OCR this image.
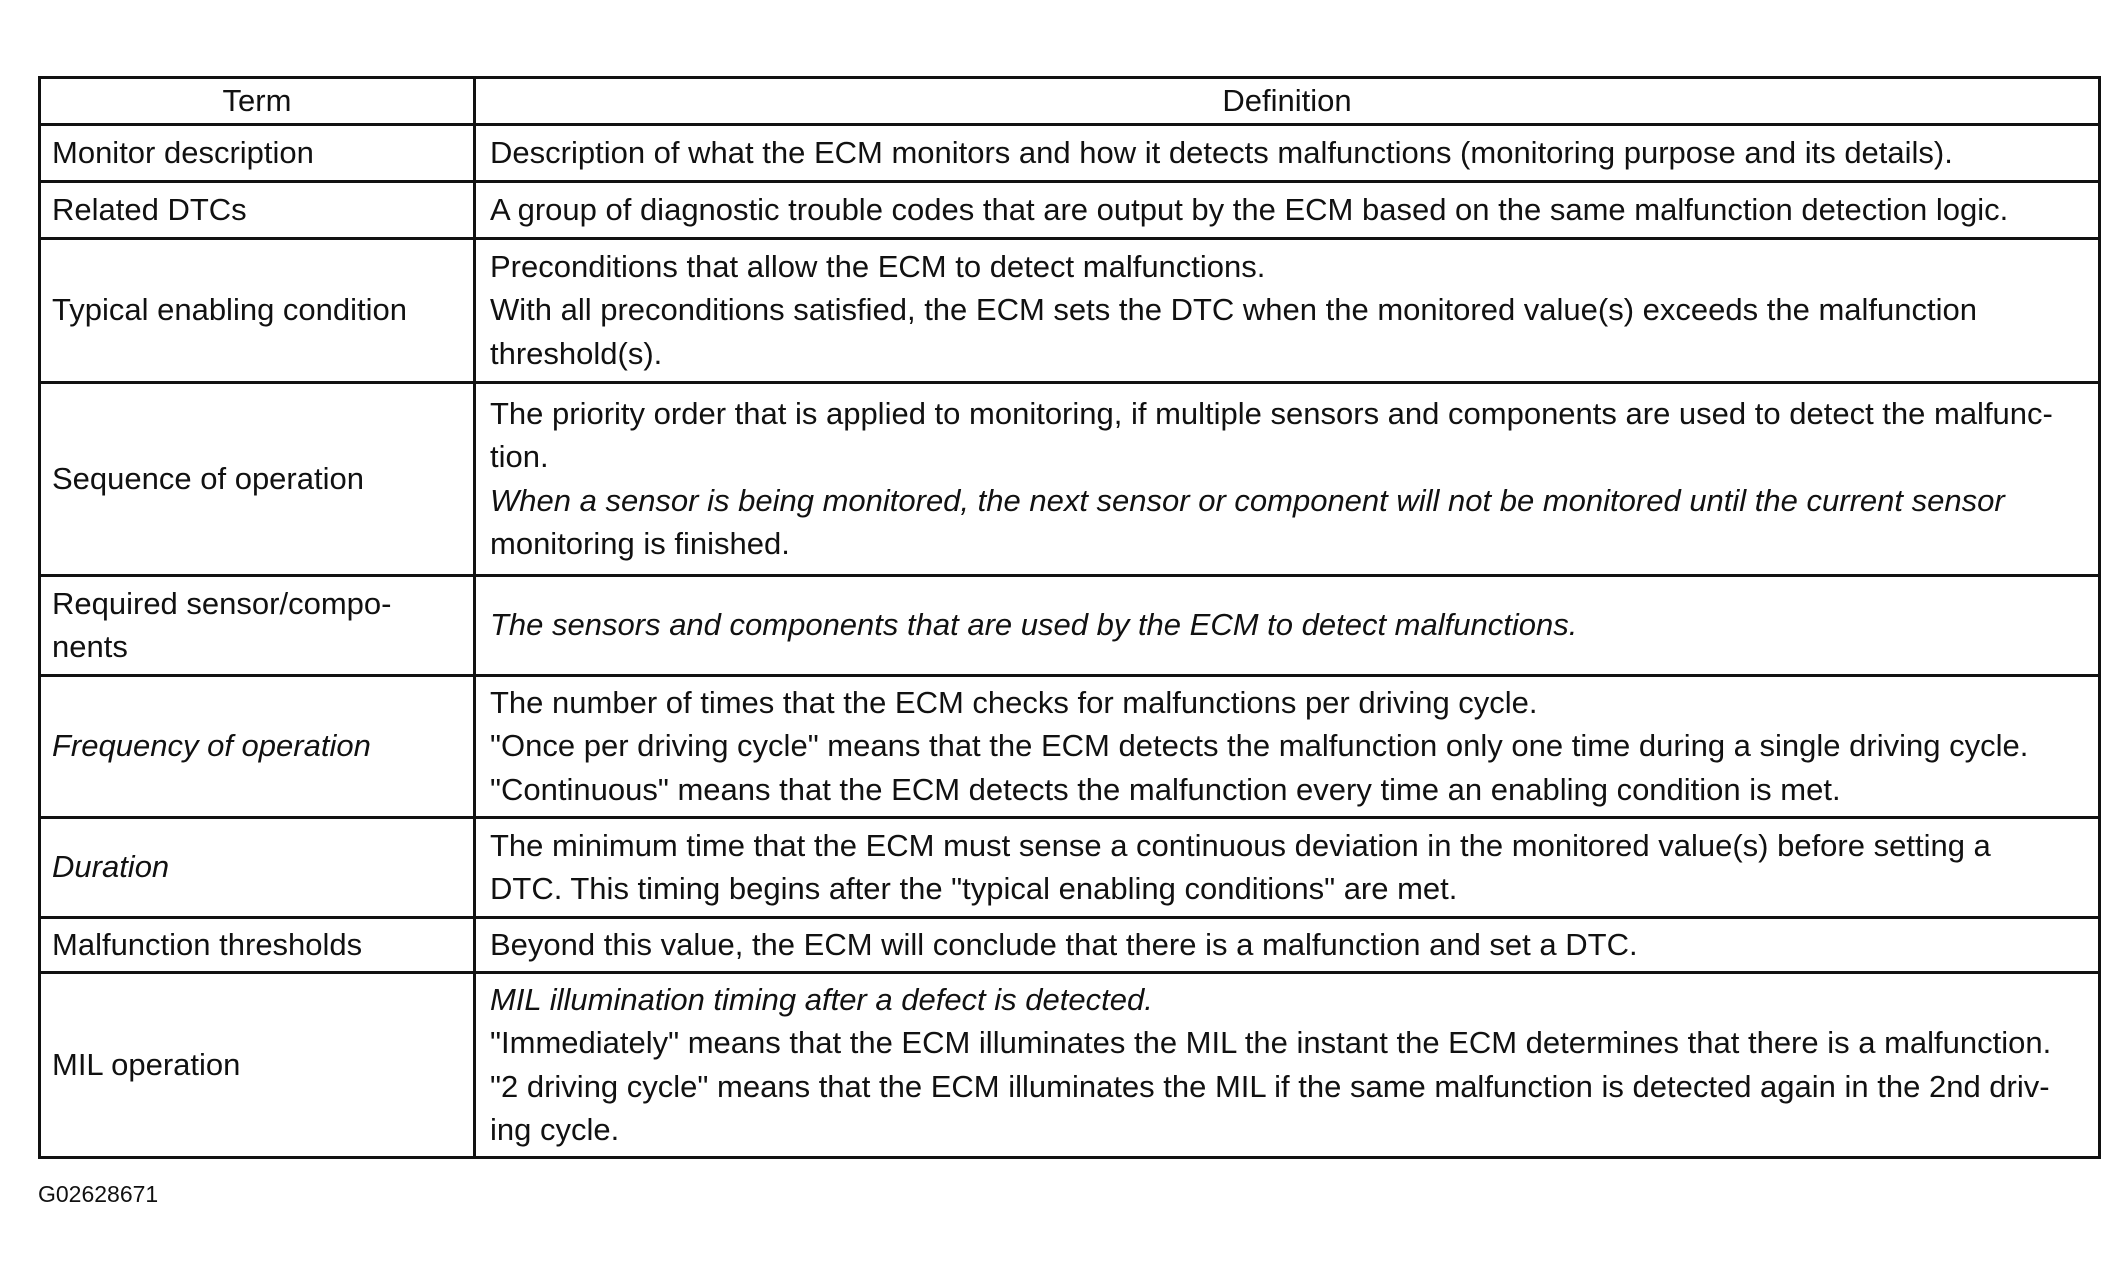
Term	Definition
Monitor description	Description of what the ECM monitors and how it detects malfunctions (monitoring purpose and its details).

Related DTCs	A group of diagnostic trouble codes that are output by the ECM based on the same malfunction detection logic.

Typical enabling condition	Preconditions that allow the ECM to detect malfunctions.
With all preconditions satisfied, the ECM sets the DTC when the monitored value(s) exceeds the malfunction
threshold(s).

Sequence of operation	The priority order that is applied to monitoring, if multiple sensors and components are used to detect the malfunc-
tion.
When a sensor is being monitored, the next sensor or component will not be monitored until the current sensor
monitoring is finished.

Required sensor/compo-
nents	The sensors and components that are used by the ECM to detect malfunctions.

Frequency of operation	The number of times that the ECM checks for malfunctions per driving cycle.
"Once per driving cycle" means that the ECM detects the malfunction only one time during a single driving cycle.
"Continuous" means that the ECM detects the malfunction every time an enabling condition is met.

Duration	The minimum time that the ECM must sense a continuous deviation in the monitored value(s) before setting a
DTC. This timing begins after the "typical enabling conditions" are met.

Malfunction thresholds	Beyond this value, the ECM will conclude that there is a malfunction and set a DTC.

MIL operation	MIL illumination timing after a defect is detected.
"Immediately" means that the ECM illuminates the MIL the instant the ECM determines that there is a malfunction.
"2 driving cycle" means that the ECM illuminates the MIL if the same malfunction is detected again in the 2nd driv-
ing cycle.
G02628671
